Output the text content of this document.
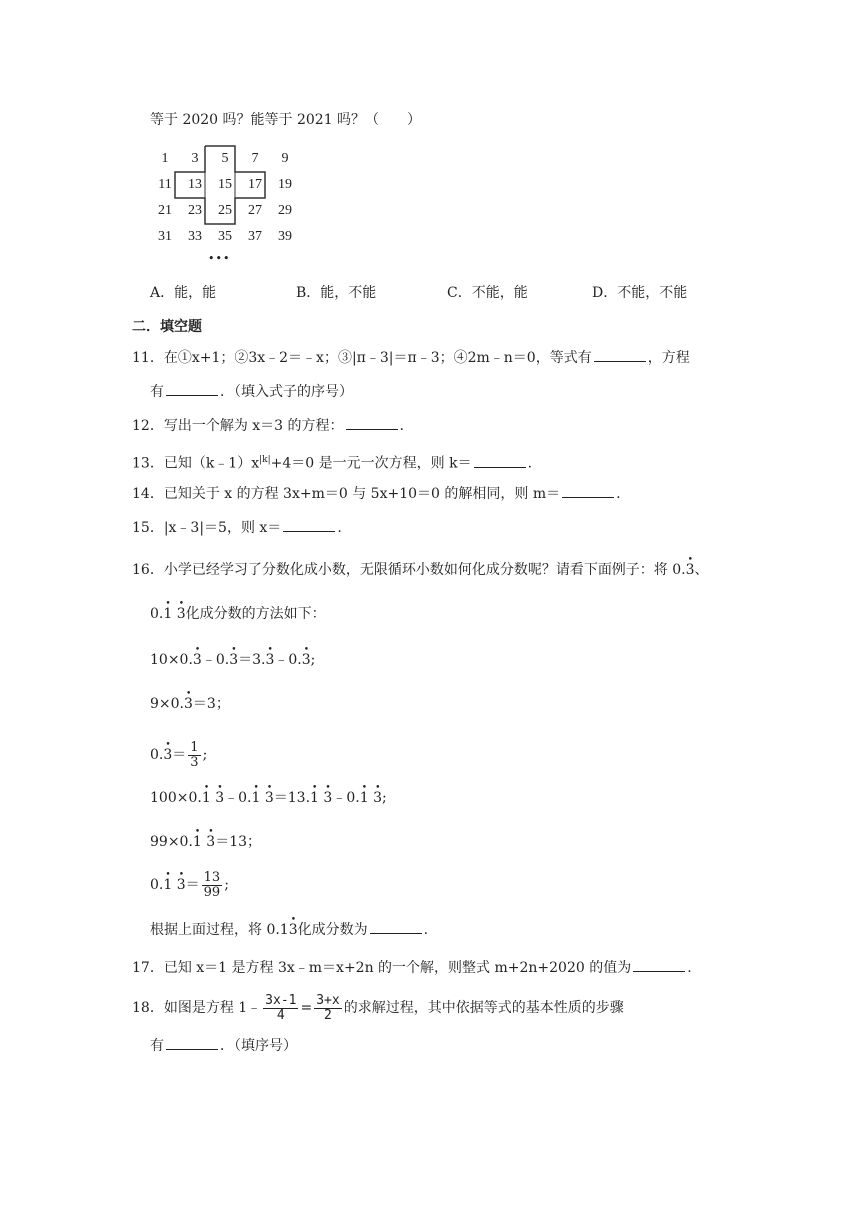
等于 2020 吗？能等于 2021 吗？（　　）
1	3	5	7	9
11	13	15	17	19
21	23	25	27	29
31	33	35	37	39
•••
A．能，能	B．能，不能	C．不能，能	D．不能，不能
二．填空题
11．在①x+1；②3x﹣2＝﹣x；③|π﹣3|＝π﹣3；④2m﹣n＝0，等式有	，方程
有	．（填入式子的序号）
12．写出一个解为 x＝3 的方程：	.
13．已知$(k﹣1)x^{|k|}+4=0$ 是一元一次方程，则 k＝	.
14．已知关于 x 的方程 3x+m＝0 与 5x+10＝0 的解相同，则 m＝	.
15．|x﹣3|＝5，则 x＝	.
16．小学已经学习了分数化成小数，无限循环小数如何化成分数呢？请看下面例子：将 0.• 3、
0.• 1 • 3化成分数的方法如下：
10×0.• 3﹣0.• 3＝3.• 3﹣0.• 3;
9×0.• 3＝3；
0.• $3= \frac{1}{3}$ ;
100×0.• 1 • 3﹣0.• 1 • 3＝13.• 1 • 3﹣0.• 1 • 3;
99×0.• 1 • 3＝13；
0.• 1 • $3= \frac{13}{99}$ ;
根据上面过程，将 0.1• 3化成分数为	.
17．已知 x＝1 是方程 3x﹣m＝x+2n 的一个解，则整式 m+2n+2020 的值为	.
18．如图是方程 1﹣ $\frac{3x-1}{4} = \frac{3+x}{2}$ 的求解过程，其中依据等式的基本性质的步骤
有	．（填序号）
